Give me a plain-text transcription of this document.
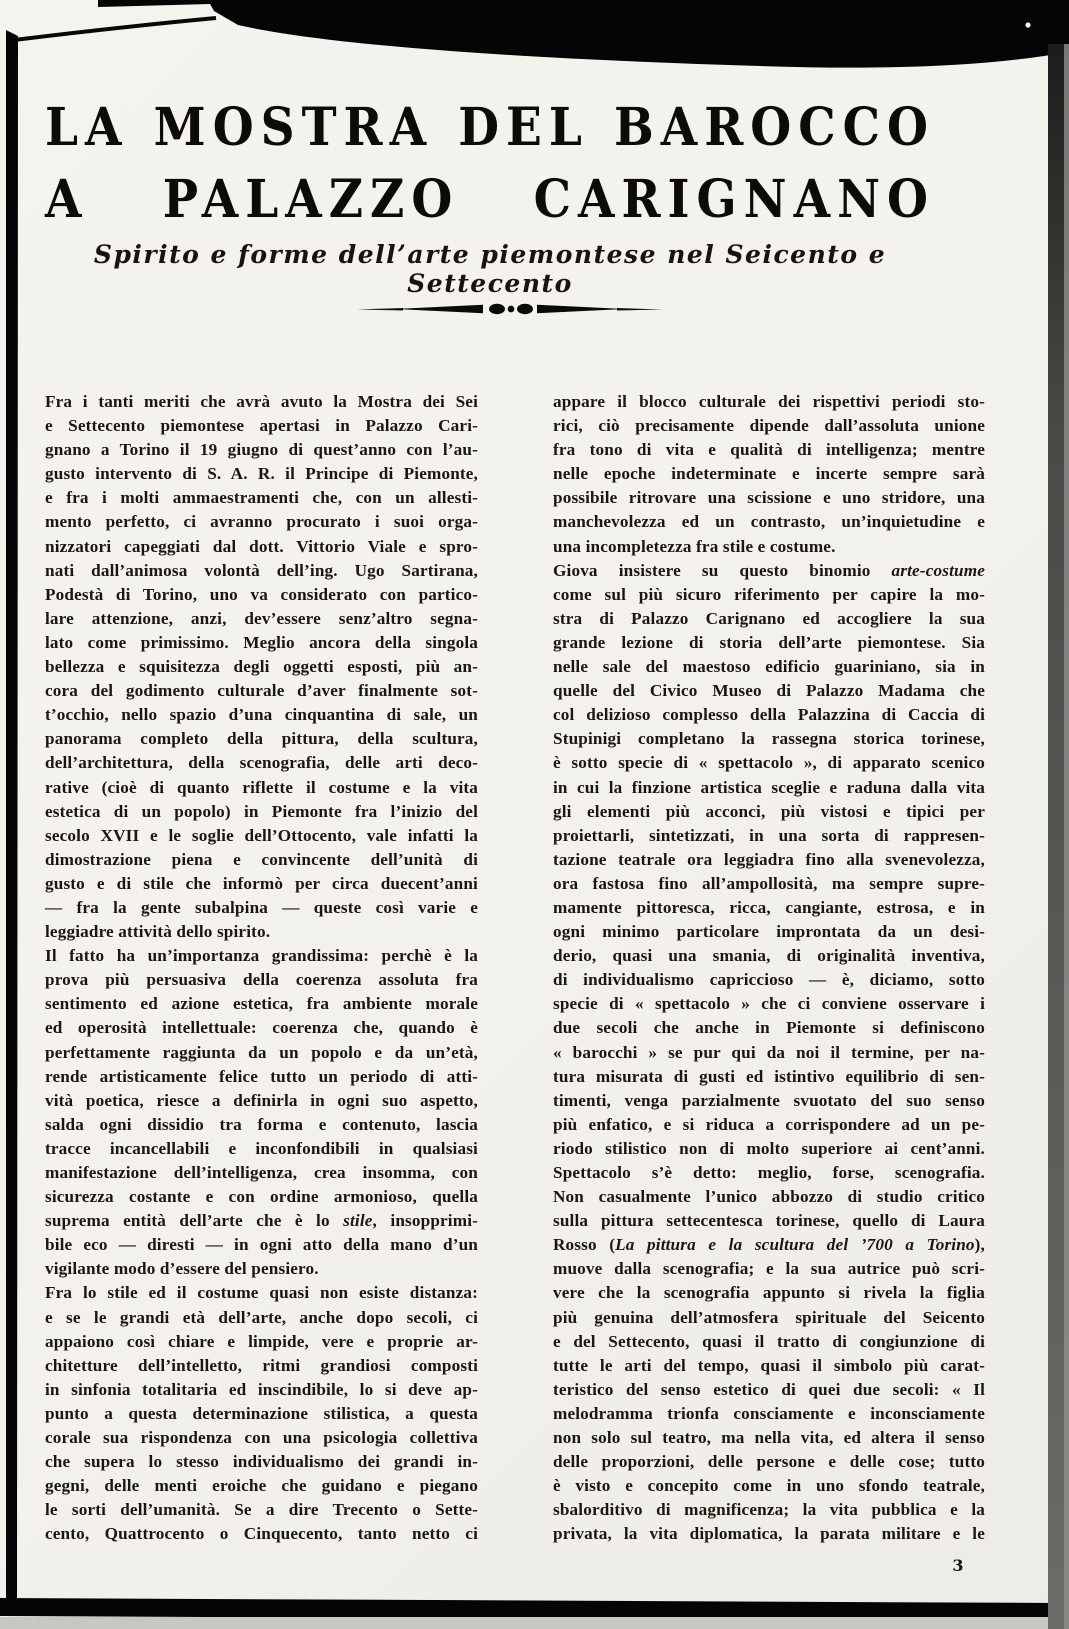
LA MOSTRA DEL BAROCCO
A PALAZZO CARIGNANO
Spirito e forme dell’arte piemontese nel Seicento e Settecento
Fra i tanti meriti che avrà avuto la Mostra dei Sei
e Settecento piemontese apertasi in Palazzo Cari-
gnano a Torino il 19 giugno di quest’anno con l’au-
gusto intervento di S. A. R. il Principe di Piemonte,
e fra i molti ammaestramenti che, con un allesti-
mento perfetto, ci avranno procurato i suoi orga-
nizzatori capeggiati dal dott. Vittorio Viale e spro-
nati dall’animosa volontà dell’ing. Ugo Sartirana,
Podestà di Torino, uno va considerato con partico-
lare attenzione, anzi, dev’essere senz’altro segna-
lato come primissimo. Meglio ancora della singola
bellezza e squisitezza degli oggetti esposti, più an-
cora del godimento culturale d’aver finalmente sot-
t’occhio, nello spazio d’una cinquantina di sale, un
panorama completo della pittura, della scultura,
dell’architettura, della scenografia, delle arti deco-
rative (cioè di quanto riflette il costume e la vita
estetica di un popolo) in Piemonte fra l’inizio del
secolo XVII e le soglie dell’Ottocento, vale infatti la
dimostrazione piena e convincente dell’unità di
gusto e di stile che informò per circa duecent’anni
— fra la gente subalpina — queste così varie e
leggiadre attività dello spirito.
Il fatto ha un’importanza grandissima: perchè è la
prova più persuasiva della coerenza assoluta fra
sentimento ed azione estetica, fra ambiente morale
ed operosità intellettuale: coerenza che, quando è
perfettamente raggiunta da un popolo e da un’età,
rende artisticamente felice tutto un periodo di atti-
vità poetica, riesce a definirla in ogni suo aspetto,
salda ogni dissidio tra forma e contenuto, lascia
tracce incancellabili e inconfondibili in qualsiasi
manifestazione dell’intelligenza, crea insomma, con
sicurezza costante e con ordine armonioso, quella
suprema entità dell’arte che è lo stile, insopprimi-
bile eco — diresti — in ogni atto della mano d’un
vigilante modo d’essere del pensiero.
Fra lo stile ed il costume quasi non esiste distanza:
e se le grandi età dell’arte, anche dopo secoli, ci
appaiono così chiare e limpide, vere e proprie ar-
chitetture dell’intelletto, ritmi grandiosi composti
in sinfonia totalitaria ed inscindibile, lo si deve ap-
punto a questa determinazione stilistica, a questa
corale sua rispondenza con una psicologia collettiva
che supera lo stesso individualismo dei grandi in-
gegni, delle menti eroiche che guidano e piegano
le sorti dell’umanità. Se a dire Trecento o Sette-
cento, Quattrocento o Cinquecento, tanto netto ci
appare il blocco culturale dei rispettivi periodi sto-
rici, ciò precisamente dipende dall’assoluta unione
fra tono di vita e qualità di intelligenza; mentre
nelle epoche indeterminate e incerte sempre sarà
possibile ritrovare una scissione e uno stridore, una
manchevolezza ed un contrasto, un’inquietudine e
una incompletezza fra stile e costume.
Giova insistere su questo binomio arte-costume
come sul più sicuro riferimento per capire la mo-
stra di Palazzo Carignano ed accogliere la sua
grande lezione di storia dell’arte piemontese. Sia
nelle sale del maestoso edificio guariniano, sia in
quelle del Civico Museo di Palazzo Madama che
col delizioso complesso della Palazzina di Caccia di
Stupinigi completano la rassegna storica torinese,
è sotto specie di « spettacolo », di apparato scenico
in cui la finzione artistica sceglie e raduna dalla vita
gli elementi più acconci, più vistosi e tipici per
proiettarli, sintetizzati, in una sorta di rappresen-
tazione teatrale ora leggiadra fino alla svenevolezza,
ora fastosa fino all’ampollosità, ma sempre supre-
mamente pittoresca, ricca, cangiante, estrosa, e in
ogni minimo particolare improntata da un desi-
derio, quasi una smania, di originalità inventiva,
di individualismo capriccioso — è, diciamo, sotto
specie di « spettacolo » che ci conviene osservare i
due secoli che anche in Piemonte si definiscono
« barocchi » se pur qui da noi il termine, per na-
tura misurata di gusti ed istintivo equilibrio di sen-
timenti, venga parzialmente svuotato del suo senso
più enfatico, e si riduca a corrispondere ad un pe-
riodo stilistico non di molto superiore ai cent’anni.
Spettacolo s’è detto: meglio, forse, scenografia.
Non casualmente l’unico abbozzo di studio critico
sulla pittura settecentesca torinese, quello di Laura
Rosso (La pittura e la scultura del ’700 a Torino),
muove dalla scenografia; e la sua autrice può scri-
vere che la scenografia appunto si rivela la figlia
più genuina dell’atmosfera spirituale del Seicento
e del Settecento, quasi il tratto di congiunzione di
tutte le arti del tempo, quasi il simbolo più carat-
teristico del senso estetico di quei due secoli: « Il
melodramma trionfa consciamente e inconsciamente
non solo sul teatro, ma nella vita, ed altera il senso
delle proporzioni, delle persone e delle cose; tutto
è visto e concepito come in uno sfondo teatrale,
sbalorditivo di magnificenza; la vita pubblica e la
privata, la vita diplomatica, la parata militare e le
3
